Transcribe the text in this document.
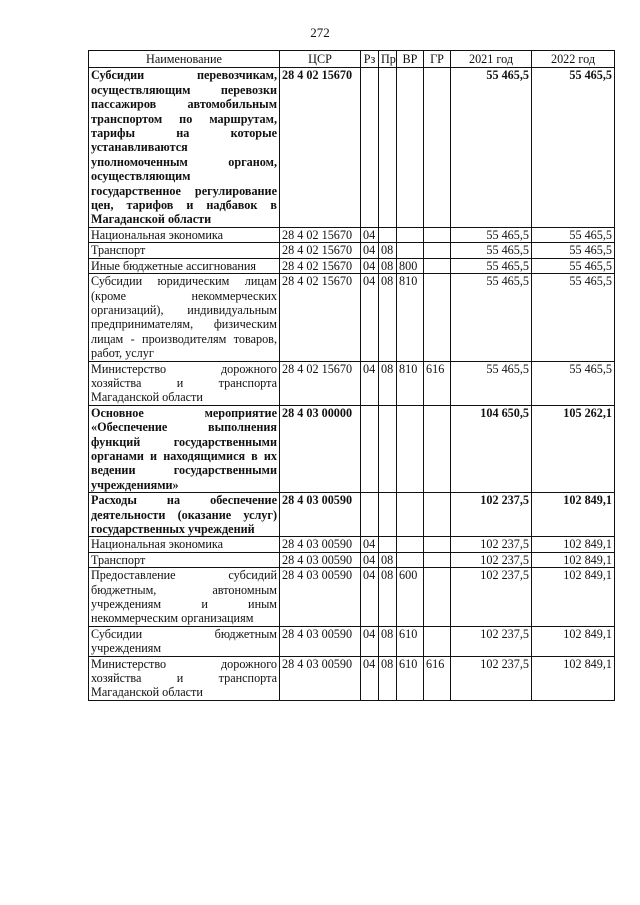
272
Наименование	ЦСР	Рз	Пр	ВР	ГР	2021 год	2022 год
Субсидии перевозчикам, осуществляющим перевозки пассажиров автомобильным транспортом по маршрутам, тарифы на которые устанавливаются уполномоченным органом, осуществляющим государственное регулирование цен, тарифов и надбавок в Магаданской области	28 4 02 15670					55 465,5	55 465,5
Национальная экономика	28 4 02 15670	04				55 465,5	55 465,5
Транспорт	28 4 02 15670	04	08			55 465,5	55 465,5
Иные бюджетные ассигнования	28 4 02 15670	04	08	800		55 465,5	55 465,5
Субсидии юридическим лицам (кроме некоммерческих организаций), индивидуальным предпринимателям, физическим лицам - производителям товаров, работ, услуг	28 4 02 15670	04	08	810		55 465,5	55 465,5
Министерство дорожного хозяйства и транспорта Магаданской области	28 4 02 15670	04	08	810	616	55 465,5	55 465,5
Основное мероприятие «Обеспечение выполнения функций государственными органами и находящимися в их ведении государственными учреждениями»	28 4 03 00000					104 650,5	105 262,1
Расходы на обеспечение деятельности (оказание услуг) государственных учреждений	28 4 03 00590					102 237,5	102 849,1
Национальная экономика	28 4 03 00590	04				102 237,5	102 849,1
Транспорт	28 4 03 00590	04	08			102 237,5	102 849,1
Предоставление субсидий бюджетным, автономным учреждениям и иным некоммерческим организациям	28 4 03 00590	04	08	600		102 237,5	102 849,1
Субсидии бюджетным учреждениям	28 4 03 00590	04	08	610		102 237,5	102 849,1
Министерство дорожного хозяйства и транспорта Магаданской области	28 4 03 00590	04	08	610	616	102 237,5	102 849,1
